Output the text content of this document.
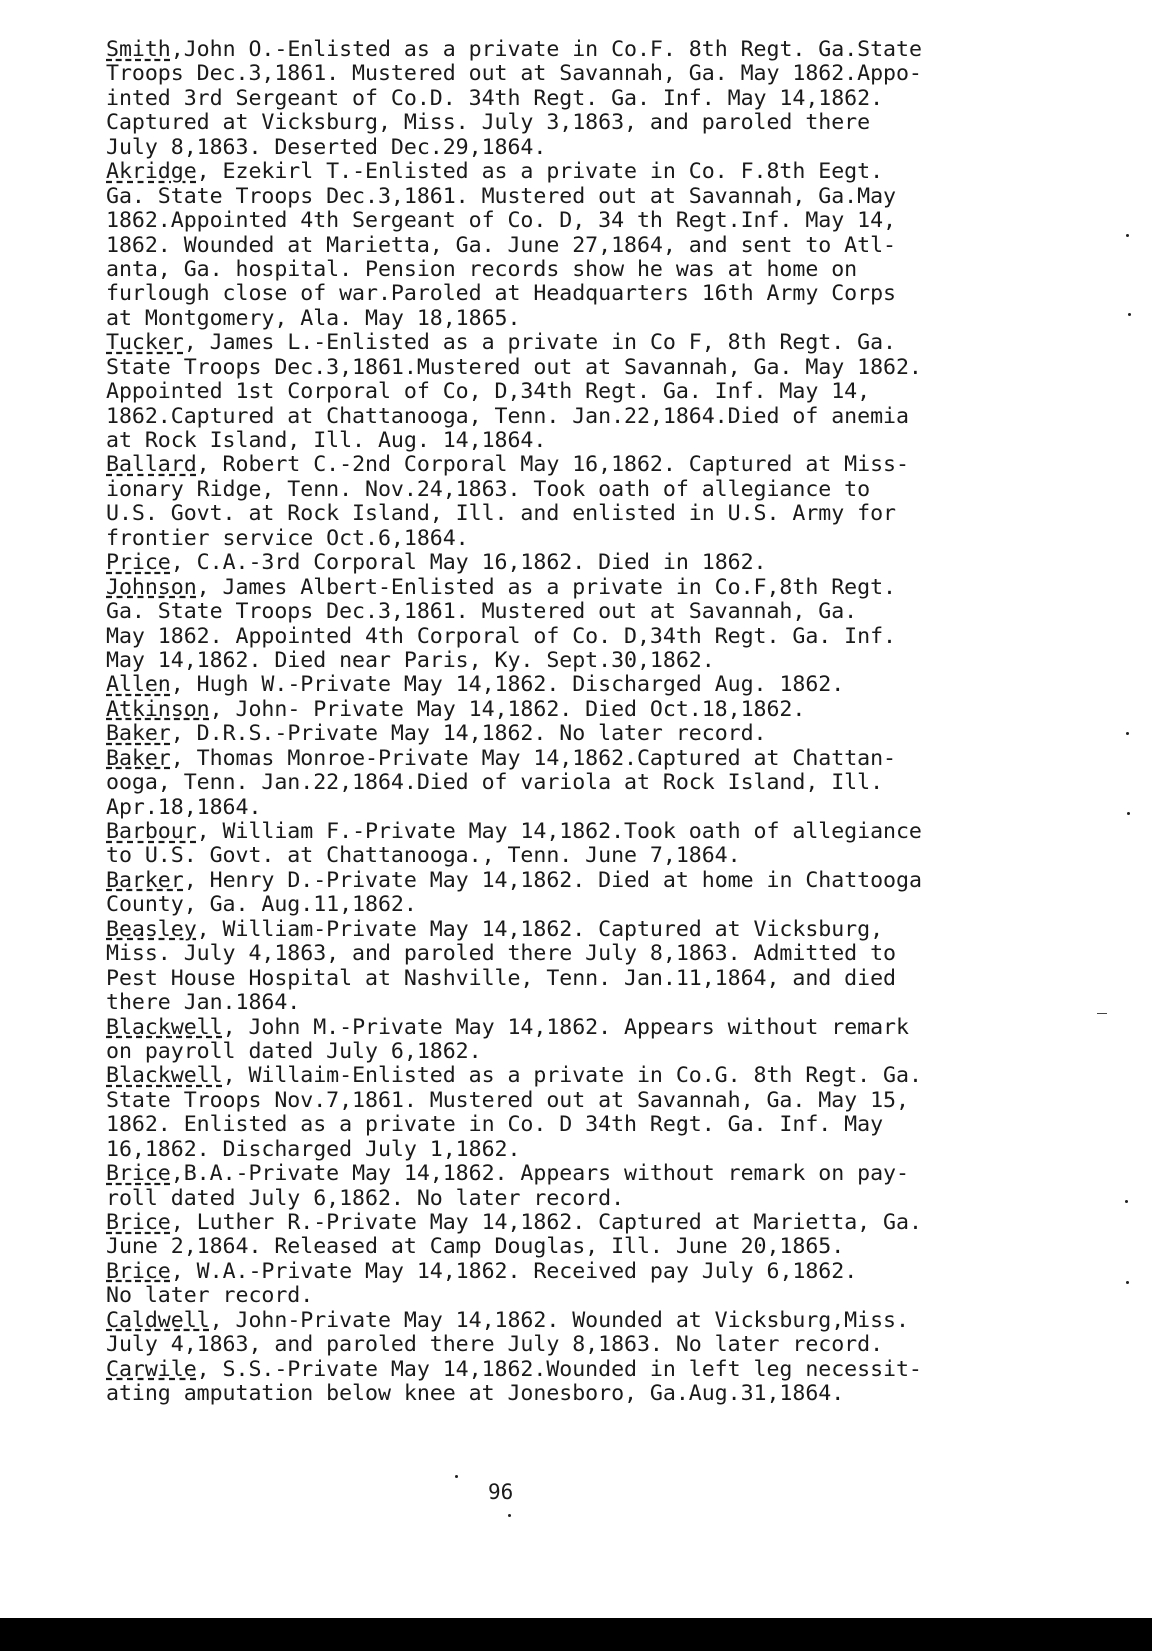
Smith,John O.-Enlisted as a private in Co.F. 8th Regt. Ga.State
Troops Dec.3,1861. Mustered out at Savannah, Ga. May 1862.Appo-
inted 3rd Sergeant of Co.D. 34th Regt. Ga. Inf. May 14,1862.
Captured at Vicksburg, Miss. July 3,1863, and paroled there
July 8,1863. Deserted Dec.29,1864.
Akridge, Ezekirl T.-Enlisted as a private in Co. F.8th Eegt.
Ga. State Troops Dec.3,1861. Mustered out at Savannah, Ga.May
1862.Appointed 4th Sergeant of Co. D, 34 th Regt.Inf. May 14,
1862. Wounded at Marietta, Ga. June 27,1864, and sent to Atl-
anta, Ga. hospital. Pension records show he was at home on
furlough close of war.Paroled at Headquarters 16th Army Corps
at Montgomery, Ala. May 18,1865.
Tucker, James L.-Enlisted as a private in Co F, 8th Regt. Ga.
State Troops Dec.3,1861.Mustered out at Savannah, Ga. May 1862.
Appointed 1st Corporal of Co, D,34th Regt. Ga. Inf. May 14,
1862.Captured at Chattanooga, Tenn. Jan.22,1864.Died of anemia
at Rock Island, Ill. Aug. 14,1864.
Ballard, Robert C.-2nd Corporal May 16,1862. Captured at Miss-
ionary Ridge, Tenn. Nov.24,1863. Took oath of allegiance to
U.S. Govt. at Rock Island, Ill. and enlisted in U.S. Army for
frontier service Oct.6,1864.
Price, C.A.-3rd Corporal May 16,1862. Died in 1862.
Johnson, James Albert-Enlisted as a private in Co.F,8th Regt.
Ga. State Troops Dec.3,1861. Mustered out at Savannah, Ga.
May 1862. Appointed 4th Corporal of Co. D,34th Regt. Ga. Inf.
May 14,1862. Died near Paris, Ky. Sept.30,1862.
Allen, Hugh W.-Private May 14,1862. Discharged Aug. 1862.
Atkinson, John- Private May 14,1862. Died Oct.18,1862.
Baker, D.R.S.-Private May 14,1862. No later record.
Baker, Thomas Monroe-Private May 14,1862.Captured at Chattan-
ooga, Tenn. Jan.22,1864.Died of variola at Rock Island, Ill.
Apr.18,1864.
Barbour, William F.-Private May 14,1862.Took oath of allegiance
to U.S. Govt. at Chattanooga., Tenn. June 7,1864.
Barker, Henry D.-Private May 14,1862. Died at home in Chattooga
County, Ga. Aug.11,1862.
Beasley, William-Private May 14,1862. Captured at Vicksburg,
Miss. July 4,1863, and paroled there July 8,1863. Admitted to
Pest House Hospital at Nashville, Tenn. Jan.11,1864, and died
there Jan.1864.
Blackwell, John M.-Private May 14,1862. Appears without remark
on payroll dated July 6,1862.
Blackwell, Willaim-Enlisted as a private in Co.G. 8th Regt. Ga.
State Troops Nov.7,1861. Mustered out at Savannah, Ga. May 15,
1862. Enlisted as a private in Co. D 34th Regt. Ga. Inf. May
16,1862. Discharged July 1,1862.
Brice,B.A.-Private May 14,1862. Appears without remark on pay-
roll dated July 6,1862. No later record.
Brice, Luther R.-Private May 14,1862. Captured at Marietta, Ga.
June 2,1864. Released at Camp Douglas, Ill. June 20,1865.
Brice, W.A.-Private May 14,1862. Received pay July 6,1862.
No later record.
Caldwell, John-Private May 14,1862. Wounded at Vicksburg,Miss.
July 4,1863, and paroled there July 8,1863. No later record.
Carwile, S.S.-Private May 14,1862.Wounded in left leg necessit-
ating amputation below knee at Jonesboro, Ga.Aug.31,1864.
96
